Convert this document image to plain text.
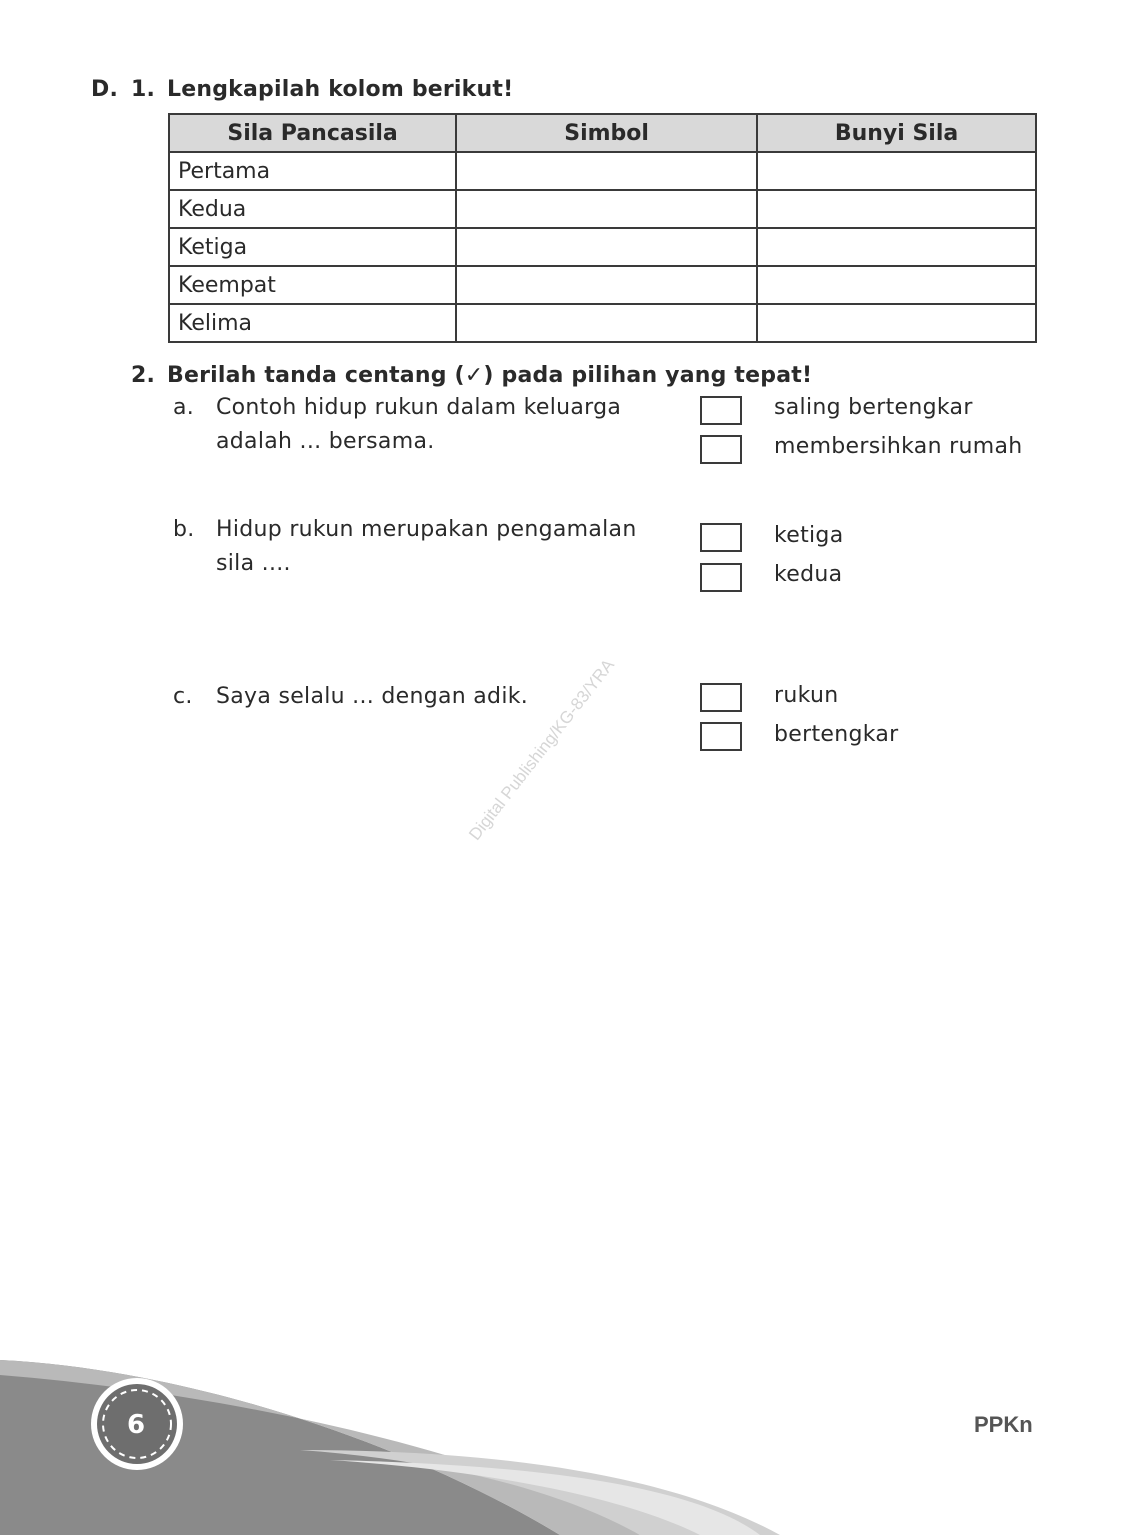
D. 1. Lengkapilah kolom berikut!
Sila Pancasila	Simbol	Bunyi Sila
Pertama		
Kedua		
Ketiga		
Keempat		
Kelima		
2. Berilah tanda centang (✓) pada pilihan yang tepat!
a. Contoh hidup rukun dalam keluarga
adalah ... bersama.
saling bertengkar
membersihkan rumah
b. Hidup rukun merupakan pengamalan
sila ....
ketiga
kedua
c. Saya selalu ... dengan adik.	rukun
bertengkar
Digital Publishing/KG-83/YRA
6	PPKn
